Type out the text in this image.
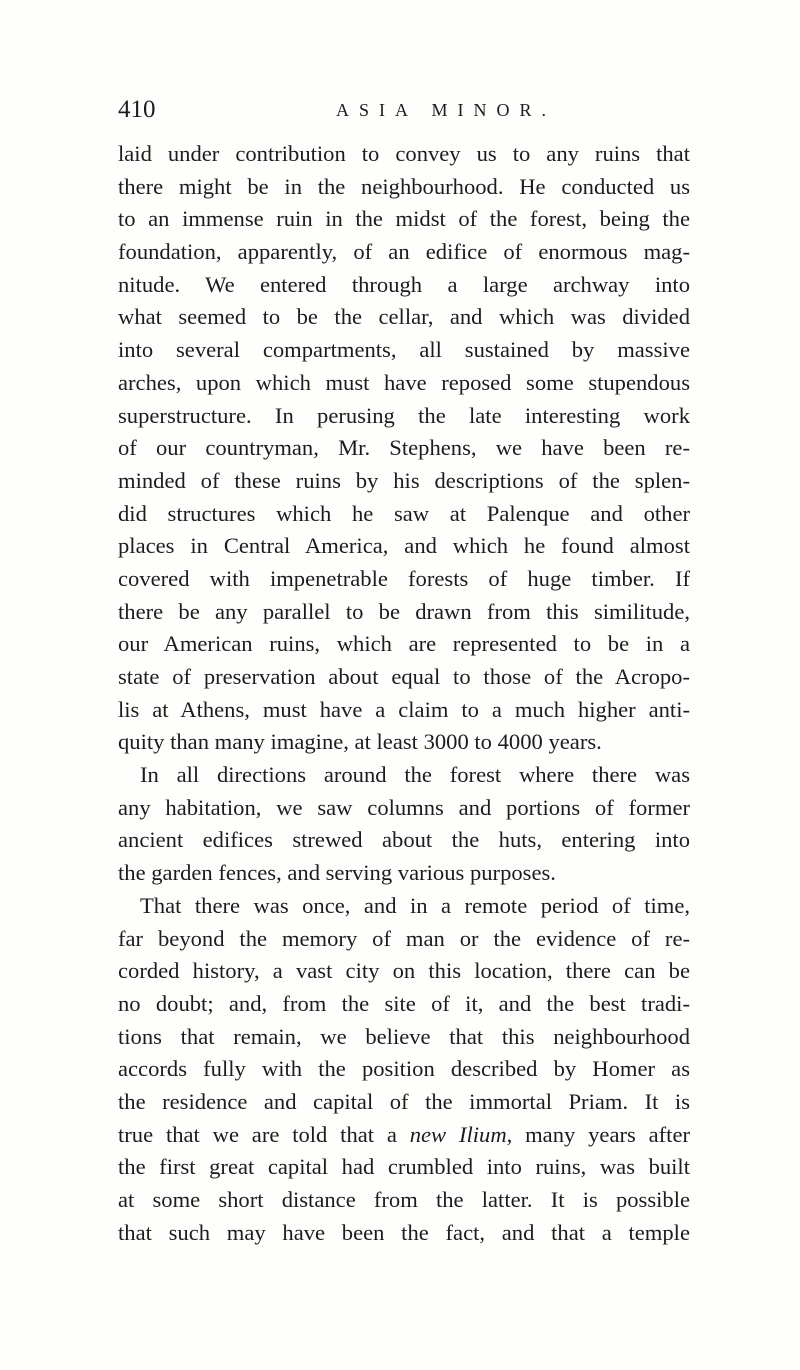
410	ASIA MINOR.
laid under contribution to convey us to any ruins that
there might be in the neighbourhood. He conducted us
to an immense ruin in the midst of the forest, being the
foundation, apparently, of an edifice of enormous mag-
nitude. We entered through a large archway into
what seemed to be the cellar, and which was divided
into several compartments, all sustained by massive
arches, upon which must have reposed some stupendous
superstructure. In perusing the late interesting work
of our countryman, Mr. Stephens, we have been re-
minded of these ruins by his descriptions of the splen-
did structures which he saw at Palenque and other
places in Central America, and which he found almost
covered with impenetrable forests of huge timber. If
there be any parallel to be drawn from this similitude,
our American ruins, which are represented to be in a
state of preservation about equal to those of the Acropo-
lis at Athens, must have a claim to a much higher anti-
quity than many imagine, at least 3000 to 4000 years.
In all directions around the forest where there was
any habitation, we saw columns and portions of former
ancient edifices strewed about the huts, entering into
the garden fences, and serving various purposes.
That there was once, and in a remote period of time,
far beyond the memory of man or the evidence of re-
corded history, a vast city on this location, there can be
no doubt; and, from the site of it, and the best tradi-
tions that remain, we believe that this neighbourhood
accords fully with the position described by Homer as
the residence and capital of the immortal Priam. It is
true that we are told that a new Ilium, many years after
the first great capital had crumbled into ruins, was built
at some short distance from the latter. It is possible
that such may have been the fact, and that a temple
